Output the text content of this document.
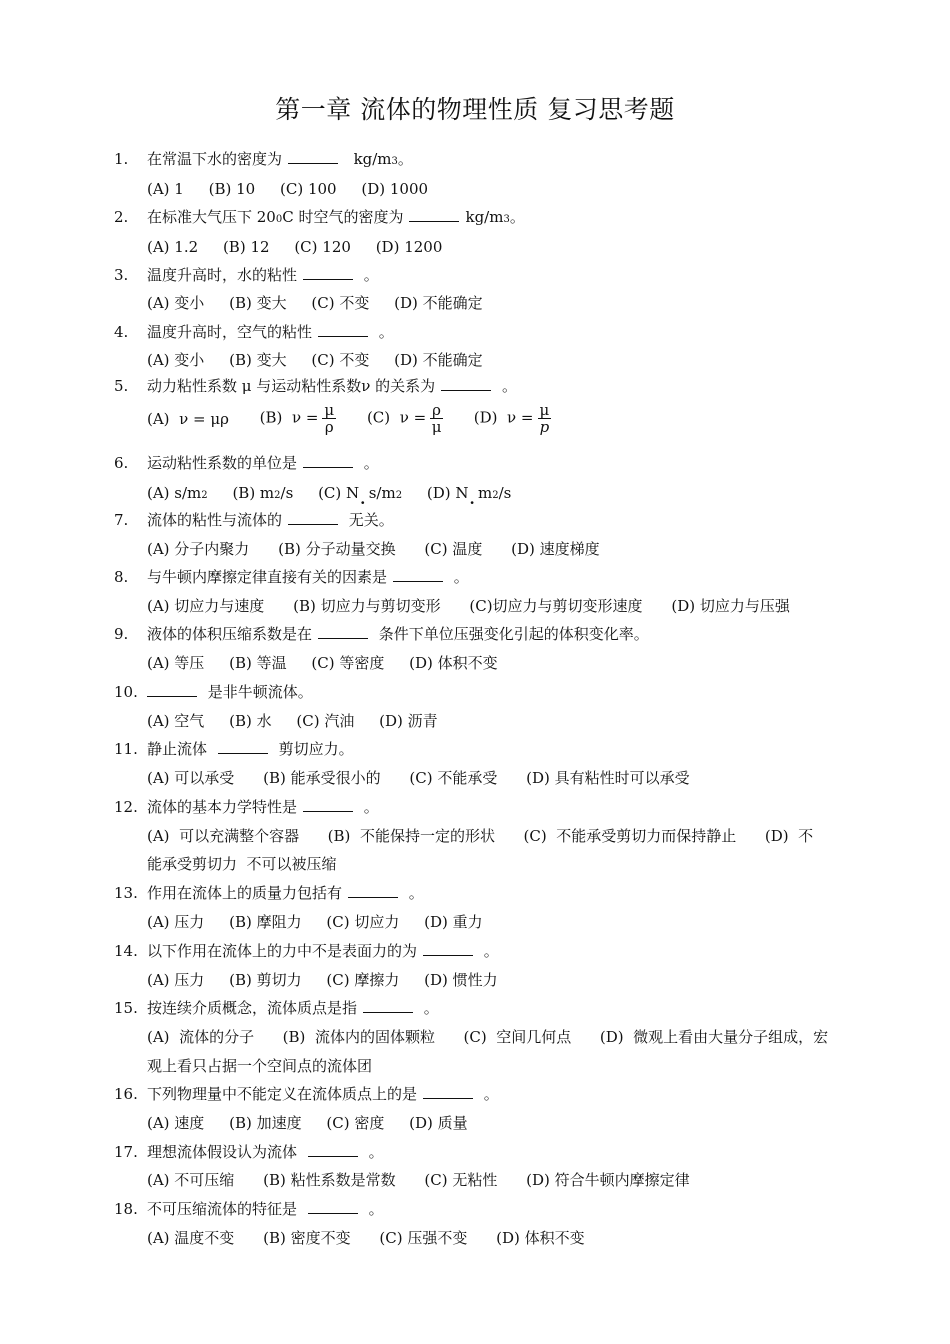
第一章 流体的物理性质 复习思考题
1. 在常温下水的密度为	kg/m3。
(A) 1 (B) 10 (C) 100 (D) 1000
2. 在标准大气压下 200C 时空气的密度为	kg/m3。
(A) 1.2 (B) 12 (C) 120 (D) 1200
3. 温度升高时，水的粘性	。
(A) 变小 (B) 变大 (C) 不变 (D) 不能确定
4. 温度升高时，空气的粘性	。
(A) 变小 (B) 变大 (C) 不变 (D) 不能确定
5. 动力粘性系数 μ 与运动粘性系数ν 的关系为	。
(A) ν = μρ (B) $\nu = \frac{\mu}{\rho} (C) \nu = \frac{\rho}{\mu} (D) \nu = \frac{\mu}{p}$
6. 运动粘性系数的单位是	。
(A) s/m2 (B) m2/s (C) N . s/m2 (D) N . m2/s
7. 流体的粘性与流体的	无关。
(A) 分子内聚力 (B) 分子动量交换 (C) 温度 (D) 速度梯度
8. 与牛顿内摩擦定律直接有关的因素是	。
(A) 切应力与速度 (B) 切应力与剪切变形 (C)切应力与剪切变形速度 (D) 切应力与压强
9. 液体的体积压缩系数是在	条件下单位压强变化引起的体积变化率。
(A) 等压 (B) 等温 (C) 等密度 (D) 体积不变
10.	是非牛顿流体。
(A) 空气 (B) 水 (C) 汽油 (D) 沥青
11. 静止流体	剪切应力。
(A) 可以承受 (B) 能承受很小的 (C) 不能承受 (D) 具有粘性时可以承受
12. 流体的基本力学特性是	。
(A)  可以充满整个容器      (B)  不能保持一定的形状      (C)  不能承受剪切力而保持静止      (D)  不
能承受剪切力  不可以被压缩
13. 作用在流体上的质量力包括有	。
(A) 压力 (B) 摩阻力 (C) 切应力 (D) 重力
14. 以下作用在流体上的力中不是表面力的为	。
(A) 压力 (B) 剪切力 (C) 摩擦力 (D) 惯性力
15. 按连续介质概念，流体质点是指	。
(A)  流体的分子      (B)  流体内的固体颗粒      (C)  空间几何点      (D)  微观上看由大量分子组成，宏
观上看只占据一个空间点的流体团
16. 下列物理量中不能定义在流体质点上的是	。
(A) 速度 (B) 加速度 (C) 密度 (D) 质量
17. 理想流体假设认为流体	。
(A) 不可压缩 (B) 粘性系数是常数 (C) 无粘性 (D) 符合牛顿内摩擦定律
18. 不可压缩流体的特征是	。
(A) 温度不变 (B) 密度不变 (C) 压强不变 (D) 体积不变
